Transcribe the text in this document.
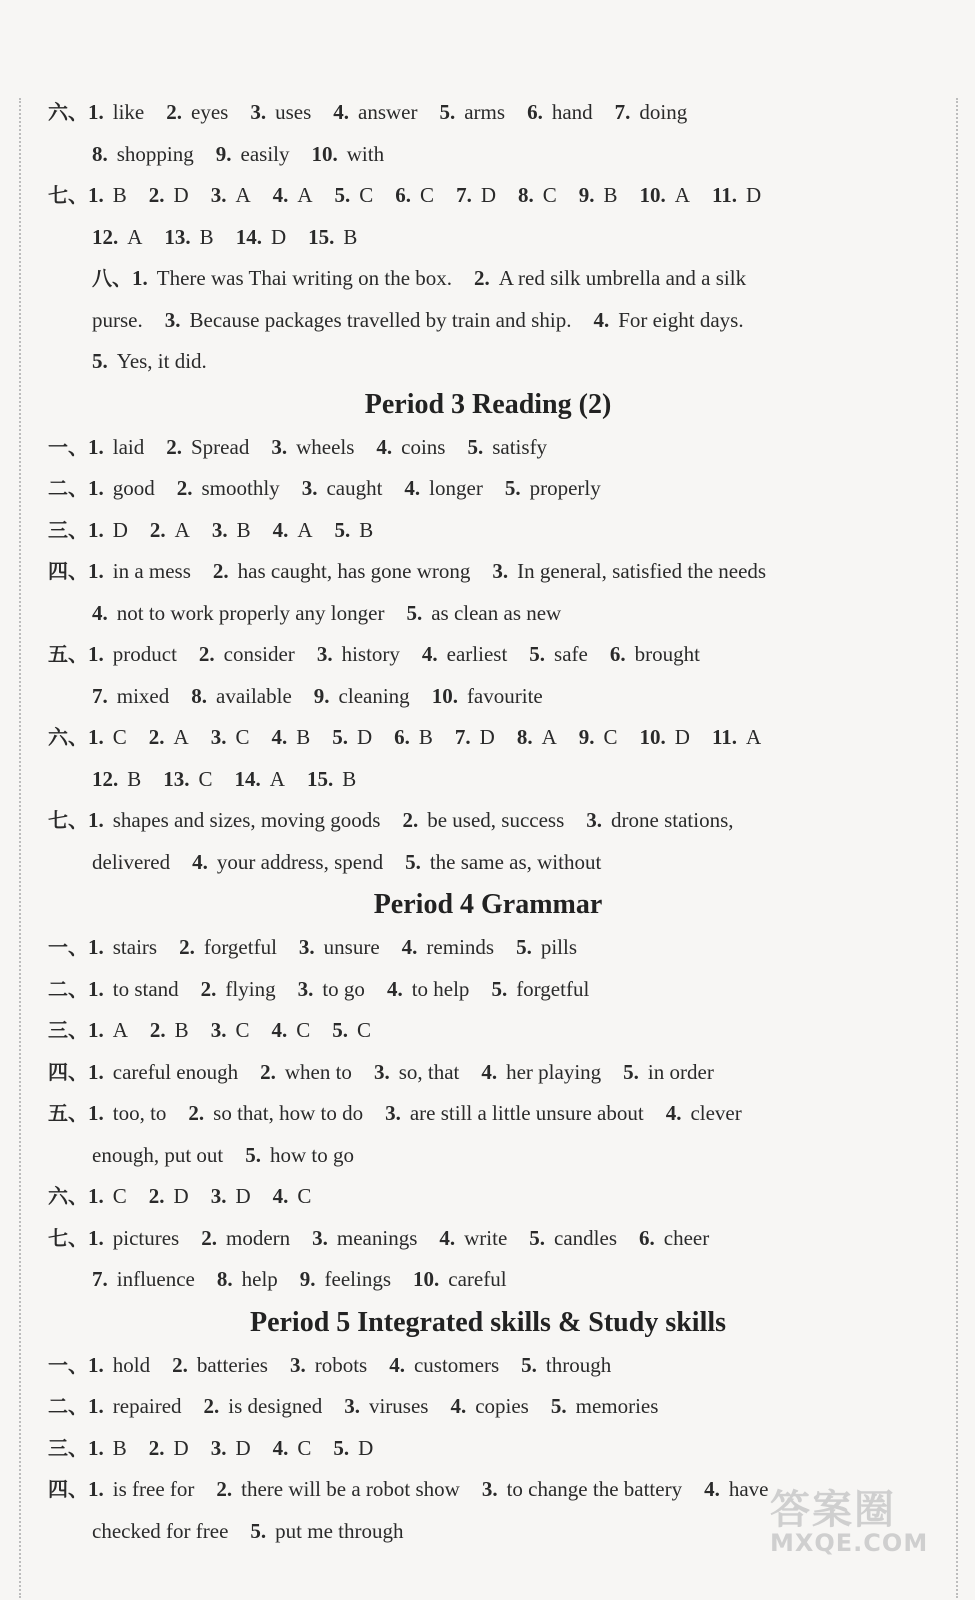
六、1. like 2. eyes 3. uses 4. answer 5. arms 6. hand 7. doing
8. shopping 9. easily 10. with
七、1. B 2. D 3. A 4. A 5. C 6. C 7. D 8. C 9. B 10. A 11. D
12. A 13. B 14. D 15. B
八、1. There was Thai writing on the box. 2. A red silk umbrella and a silk
purse. 3. Because packages travelled by train and ship. 4. For eight days.
5. Yes, it did.
Period 3 Reading (2)
一、1. laid 2. Spread 3. wheels 4. coins 5. satisfy
二、1. good 2. smoothly 3. caught 4. longer 5. properly
三、1. D 2. A 3. B 4. A 5. B
四、1. in a mess 2. has caught, has gone wrong 3. In general, satisfied the needs
4. not to work properly any longer 5. as clean as new
五、1. product 2. consider 3. history 4. earliest 5. safe 6. brought
7. mixed 8. available 9. cleaning 10. favourite
六、1. C 2. A 3. C 4. B 5. D 6. B 7. D 8. A 9. C 10. D 11. A
12. B 13. C 14. A 15. B
七、1. shapes and sizes, moving goods 2. be used, success 3. drone stations,
delivered 4. your address, spend 5. the same as, without
Period 4 Grammar
一、1. stairs 2. forgetful 3. unsure 4. reminds 5. pills
二、1. to stand 2. flying 3. to go 4. to help 5. forgetful
三、1. A 2. B 3. C 4. C 5. C
四、1. careful enough 2. when to 3. so, that 4. her playing 5. in order
五、1. too, to 2. so that, how to do 3. are still a little unsure about 4. clever
enough, put out 5. how to go
六、1. C 2. D 3. D 4. C
七、1. pictures 2. modern 3. meanings 4. write 5. candles 6. cheer
7. influence 8. help 9. feelings 10. careful
Period 5 Integrated skills & Study skills
一、1. hold 2. batteries 3. robots 4. customers 5. through
二、1. repaired 2. is designed 3. viruses 4. copies 5. memories
三、1. B 2. D 3. D 4. C 5. D
四、1. is free for 2. there will be a robot show 3. to change the battery 4. have
checked for free 5. put me through	答案圈
MXQE.COM
